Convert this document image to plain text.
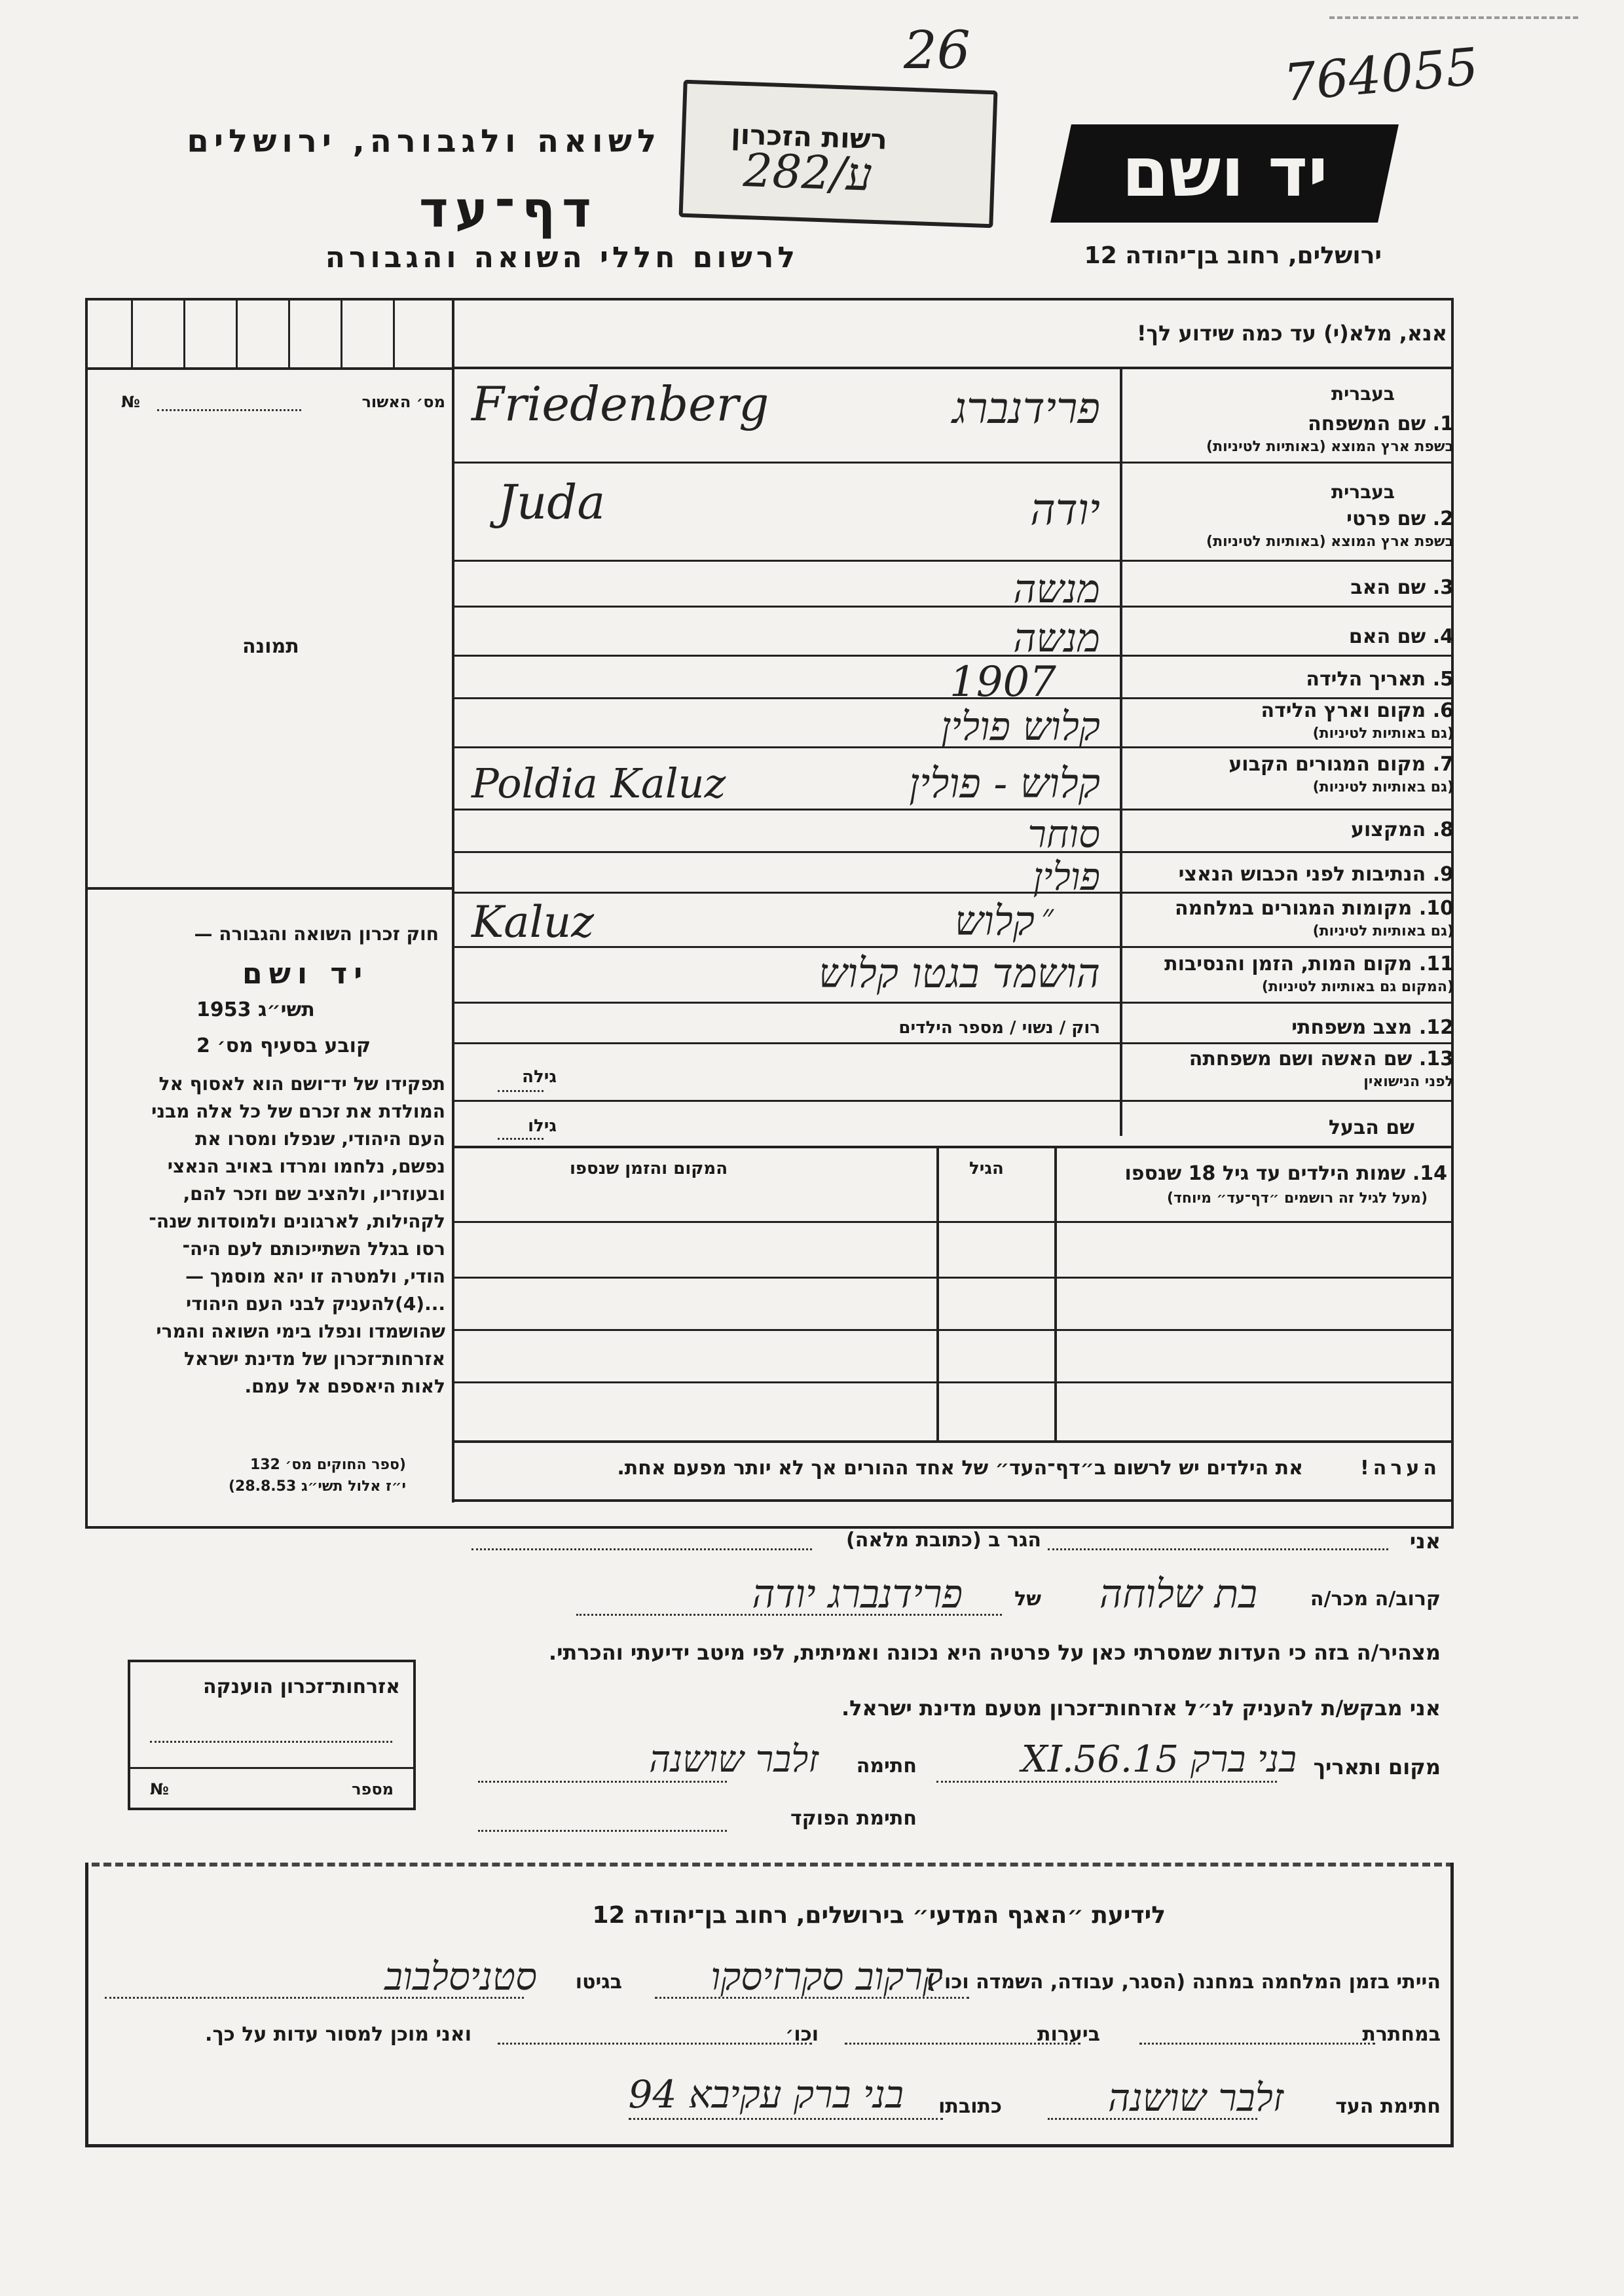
26	764055
לשואה ולגבורה, ירושלים	רשות הזכרון
282/ע	יד ושם
דף־עד
לרשום חללי השואה והגבורה	ירושלים, רחוב בן־יהודה 12
אנא, מלא(י) עד כמה שידוע לך!
מס׳ האשור
№
תמונה
בעברית
1. שם המשפחה
בשפת ארץ המוצא (באותיות לטיניות)
Friedenberg	פרידנברג
בעברית
2. שם פרטי
בשפת ארץ המוצא (באותיות לטיניות)
Juda	יודה
3. שם האב
מנשה
4. שם האם
מנשה
5. תאריך הלידה
1907
6. מקום וארץ הלידה
(גם באותיות לטיניות)
קלוש פולין
7. מקום המגורים הקבוע
(גם באותיות לטיניות)
Poldia Kaluz	קלוש - פולין
8. המקצוע
סוחר
9. הנתיבות לפני הכבוש הנאצי
פולין
10. מקומות המגורים במלחמה
(גם באותיות לטיניות)
Kaluz	קלוש ״
11. מקום המות, הזמן והנסיבות
(המקום גם באותיות לטיניות)
הושמד בגטו קלוש
12. מצב משפחתי
רוק / נשוי / מספר הילדים
13. שם האשה ושם משפחתה
לפני הנישואין
גילה
שם הבעל
גילו
14. שמות הילדים עד גיל 18 שנספו
(מעל לגיל זה רושמים ״דף־עד״ מיוחד)
הגיל
המקום והזמן שנספו
הערה!
את הילדים יש לרשום ב״דף־העד״ של אחד ההורים אך לא יותר מפעם אחת.
חוק זכרון השואה והגבורה —
יד ושם
תשי״ג 1953
קובע בסעיף מס׳ 2
תפקידו של יד־ושם הוא לאסוף אל
המולדת את זכרם של כל אלה מבני
העם היהודי, שנפלו ומסרו את
נפשם, נלחמו ומרדו באויב הנאצי
ובעוזריו, ולהציב שם וזכר להם,
לקהילות, לארגונים ולמוסדות שנה־
רסו בגלל השתייכותם לעם היה־
הודי, ולמטרה זו יהא מוסמך —
...(4)להעניק לבני העם היהודי
שהושמדו ונפלו בימי השואה והמרי
אזרחות־זכרון של מדינת ישראל
לאות היאספם אל עמם.
(ספר החוקים מס׳ 132
י״ז אלול תשי״ג 28.8.53)
אני
הגר ב (כתובת מלאה)
קרוב/ה מכר/ה
בת שלוחה
של
פרידנברג יודה
מצהיר/ה בזה כי העדות שמסרתי כאן על פרטיה היא נכונה ואמיתית, לפי מיטב ידיעתי והכרתי.
אני מבקש/ת להעניק לנ״ל אזרחות־זכרון מטעם מדינת ישראל.
מקום ותאריך
בני ברק 15.XI.56
חתימה
זלבר שושנה
חתימת הפוקד
אזרחות־זכרון הוענקה
מספר
№
לידיעת ״האגף המדעי״ בירושלים, רחוב בן־יהודה 12
הייתי בזמן המלחמה במחנה (הסגר, עבודה, השמדה וכו׳)
קרקוב סקרזיסקו
בגיטו
סטניסלבוב
במחתרת
ביערות
וכו׳
ואני מוכן למסור עדות על כך.
חתימת העד
זלבר שושנה
כתובתו
בני ברק עקיבא 94
